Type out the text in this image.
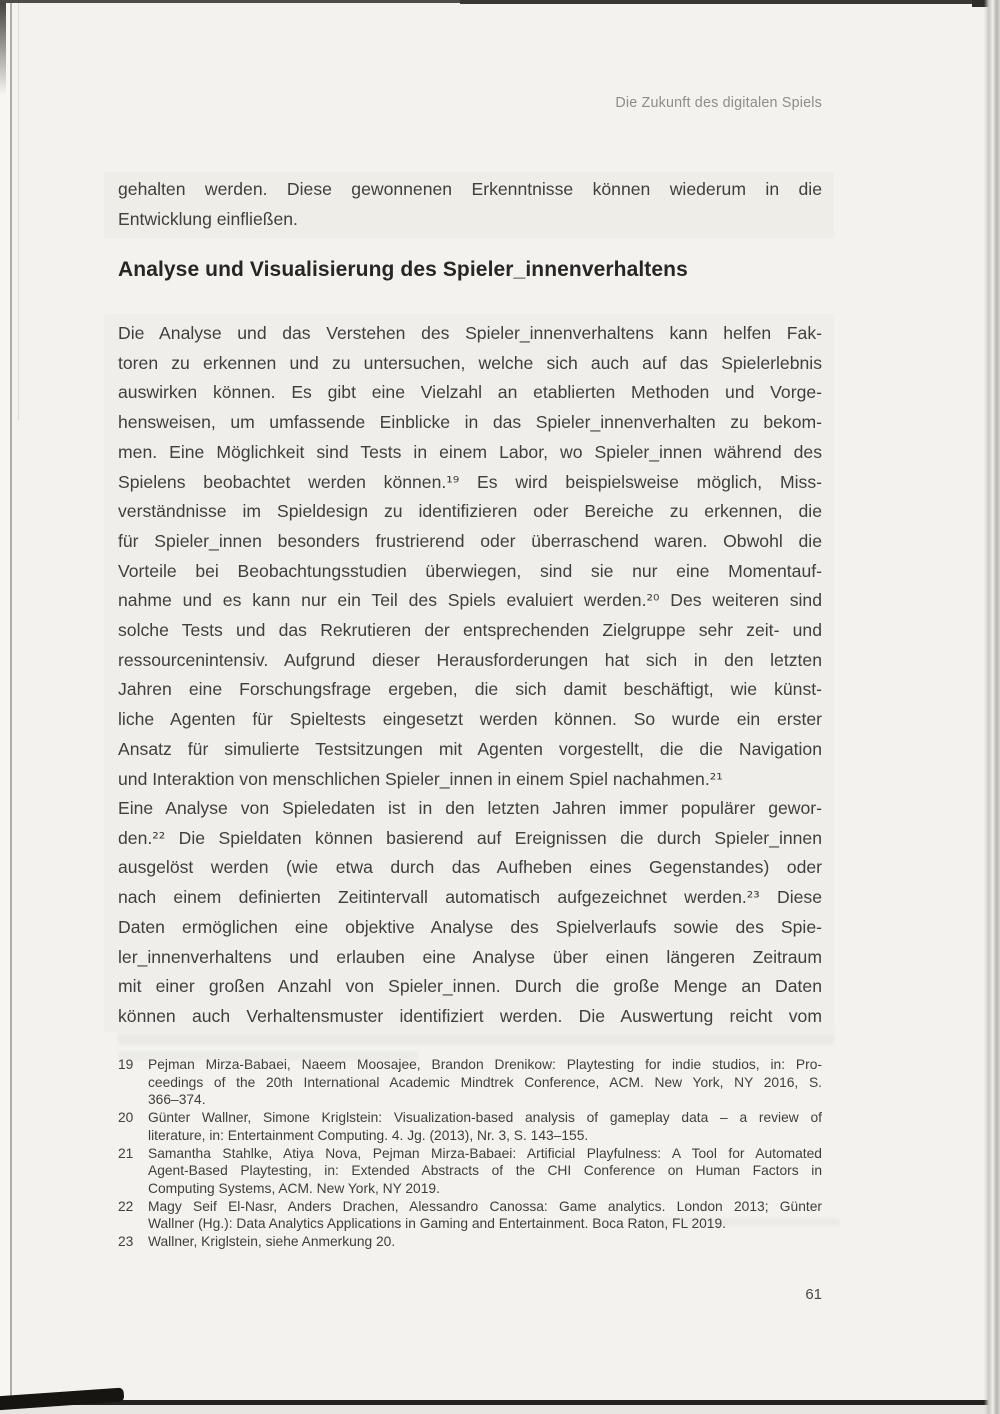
Die Zukunft des digitalen Spiels
gehalten werden. Diese gewonnenen Erkenntnisse können wiederum in die
Entwicklung einfließen.
Analyse und Visualisierung des Spieler_innenverhaltens
Die Analyse und das Verstehen des Spieler_innenverhaltens kann helfen Fak-
toren zu erkennen und zu untersuchen, welche sich auch auf das Spielerlebnis
auswirken können. Es gibt eine Vielzahl an etablierten Methoden und Vorge-
hensweisen, um umfassende Einblicke in das Spieler_innenverhalten zu bekom-
men. Eine Möglichkeit sind Tests in einem Labor, wo Spieler_innen während des
Spielens beobachtet werden können.¹⁹ Es wird beispielsweise möglich, Miss-
verständnisse im Spieldesign zu identifizieren oder Bereiche zu erkennen, die
für Spieler_innen besonders frustrierend oder überraschend waren. Obwohl die
Vorteile bei Beobachtungsstudien überwiegen, sind sie nur eine Momentauf-
nahme und es kann nur ein Teil des Spiels evaluiert werden.²⁰ Des weiteren sind
solche Tests und das Rekrutieren der entsprechenden Zielgruppe sehr zeit- und
ressourcenintensiv. Aufgrund dieser Herausforderungen hat sich in den letzten
Jahren eine Forschungsfrage ergeben, die sich damit beschäftigt, wie künst-
liche Agenten für Spieltests eingesetzt werden können. So wurde ein erster
Ansatz für simulierte Testsitzungen mit Agenten vorgestellt, die die Navigation
und Interaktion von menschlichen Spieler_innen in einem Spiel nachahmen.²¹
Eine Analyse von Spieledaten ist in den letzten Jahren immer populärer gewor-
den.²² Die Spieldaten können basierend auf Ereignissen die durch Spieler_innen
ausgelöst werden (wie etwa durch das Aufheben eines Gegenstandes) oder
nach einem definierten Zeitintervall automatisch aufgezeichnet werden.²³ Diese
Daten ermöglichen eine objektive Analyse des Spielverlaufs sowie des Spie-
ler_innenverhaltens und erlauben eine Analyse über einen längeren Zeitraum
mit einer großen Anzahl von Spieler_innen. Durch die große Menge an Daten
können auch Verhaltensmuster identifiziert werden. Die Auswertung reicht vom
19	Pejman Mirza-Babaei, Naeem Moosajee, Brandon Drenikow: Playtesting for indie studios, in: Pro-
ceedings of the 20th International Academic Mindtrek Conference, ACM. New York, NY 2016, S.
366–374.
20	Günter Wallner, Simone Kriglstein: Visualization-based analysis of gameplay data – a review of
literature, in: Entertainment Computing. 4. Jg. (2013), Nr. 3, S. 143–155.
21	Samantha Stahlke, Atiya Nova, Pejman Mirza-Babaei: Artificial Playfulness: A Tool for Automated
Agent-Based Playtesting, in: Extended Abstracts of the CHI Conference on Human Factors in
Computing Systems, ACM. New York, NY 2019.
22	Magy Seif El-Nasr, Anders Drachen, Alessandro Canossa: Game analytics. London 2013; Günter
Wallner (Hg.): Data Analytics Applications in Gaming and Entertainment. Boca Raton, FL 2019.
23	Wallner, Kriglstein, siehe Anmerkung 20.
61
